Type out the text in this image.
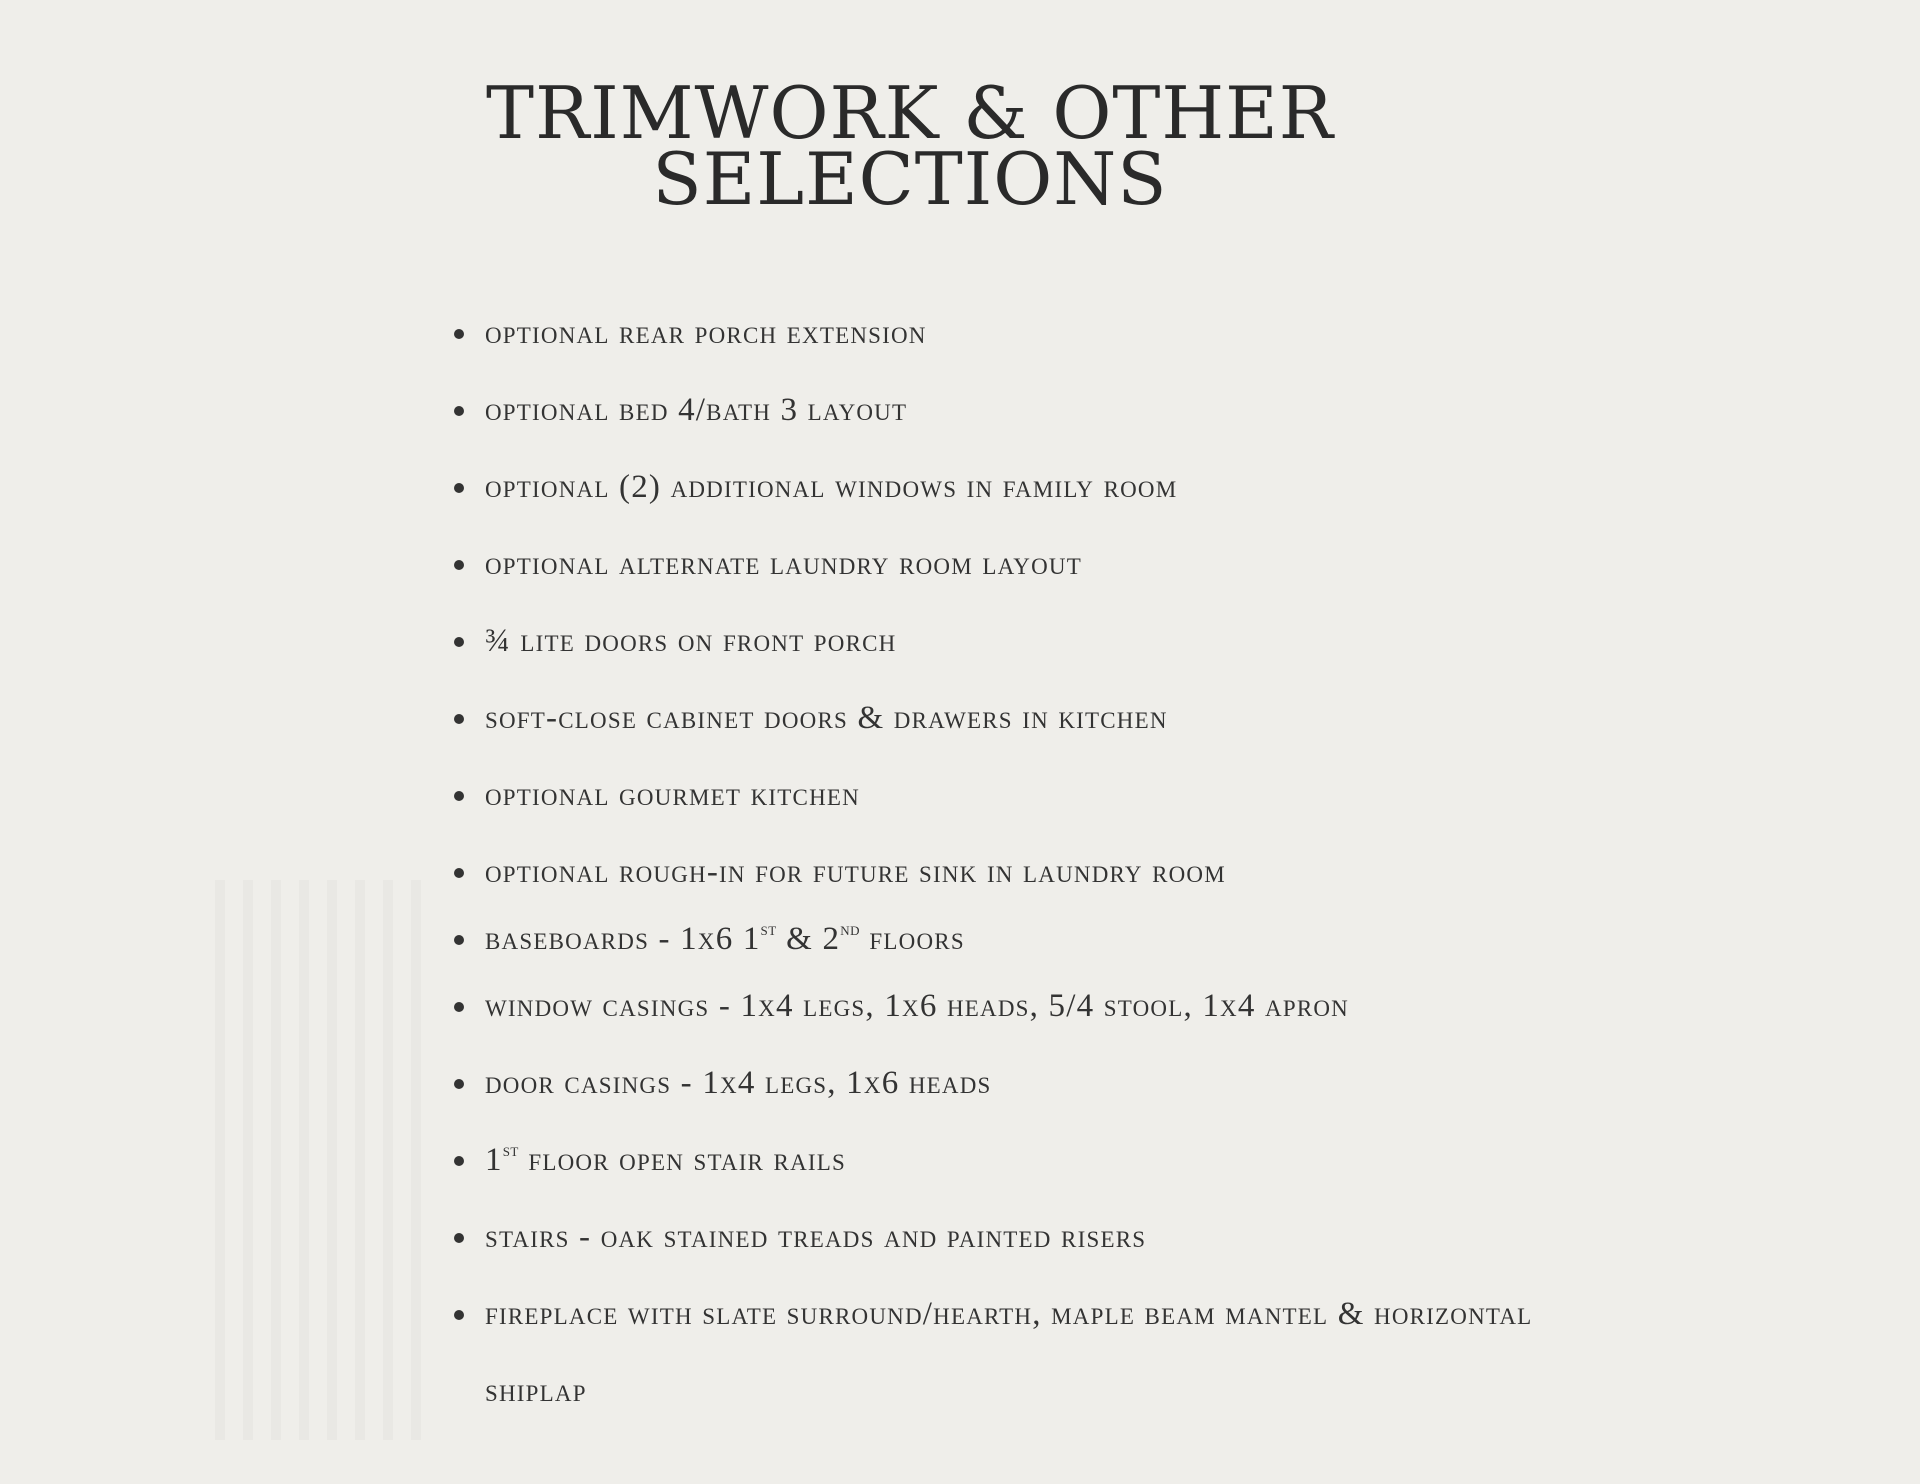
TRIMWORK & OTHER
SELECTIONS
optional rear porch extension
optional bed 4/bath 3 layout
optional (2) additional windows in family room
optional alternate laundry room layout
¾ lite doors on front porch
soft-close cabinet doors & drawers in kitchen
optional gourmet kitchen
optional rough-in for future sink in laundry room
baseboards - 1x6 1st & 2nd floors
window casings - 1x4 legs, 1x6 heads, 5/4 stool, 1x4 apron
door casings - 1x4 legs, 1x6 heads
1st floor open stair rails
stairs - oak stained treads and painted risers
fireplace with slate surround/hearth, maple beam mantel & horizontal shiplap
